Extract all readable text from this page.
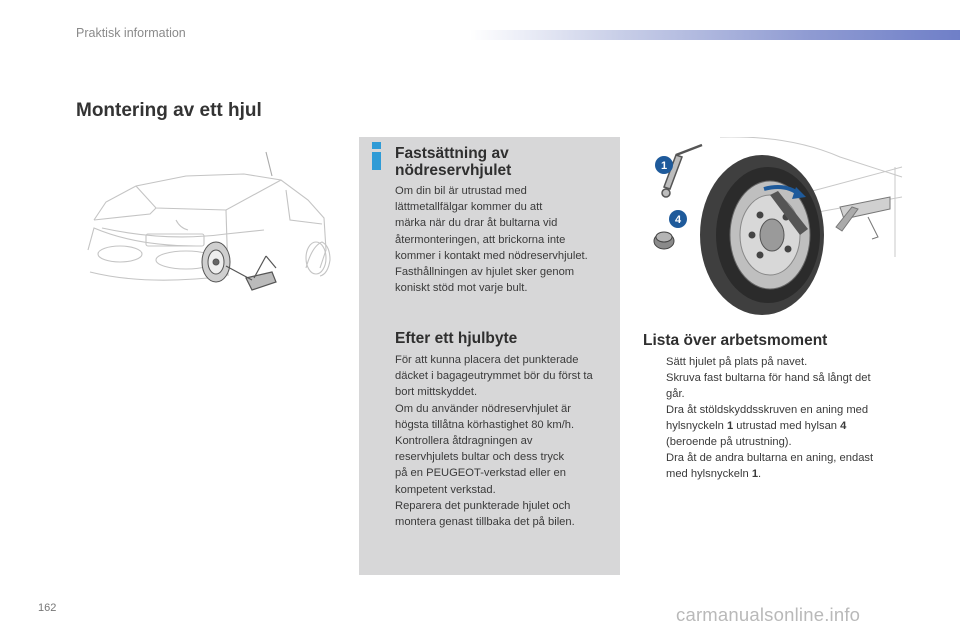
Praktisk information
Montering av ett hjul
Fastsättning av
nödreservhjulet

Om din bil är utrustad med
lättmetallfälgar kommer du att
märka när du drar åt bultarna vid
återmonteringen, att brickorna inte
kommer i kontakt med nödreservhjulet.
Fasthållningen av hjulet sker genom
koniskt stöd mot varje bult.

Efter ett hjulbyte

För att kunna placera det punkterade
däcket i bagageutrymmet bör du först ta
bort mittskyddet.
Om du använder nödreservhjulet är
högsta tillåtna körhastighet 80 km/h.
Kontrollera åtdragningen av
reservhjulets bultar och dess tryck
på en PEUGEOT-verkstad eller en
kompetent verkstad.
Reparera det punkterade hjulet och
montera genast tillbaka det på bilen.

1
4
Lista över arbetsmoment
Sätt hjulet på plats på navet.
Skruva fast bultarna för hand så långt det
går.
Dra åt stöldskyddsskruven en aning med
hylsnyckeln 1 utrustad med hylsan 4
(beroende på utrustning).
Dra åt de andra bultarna en aning, endast
med hylsnyckeln 1.
162	carmanualsonline.info
